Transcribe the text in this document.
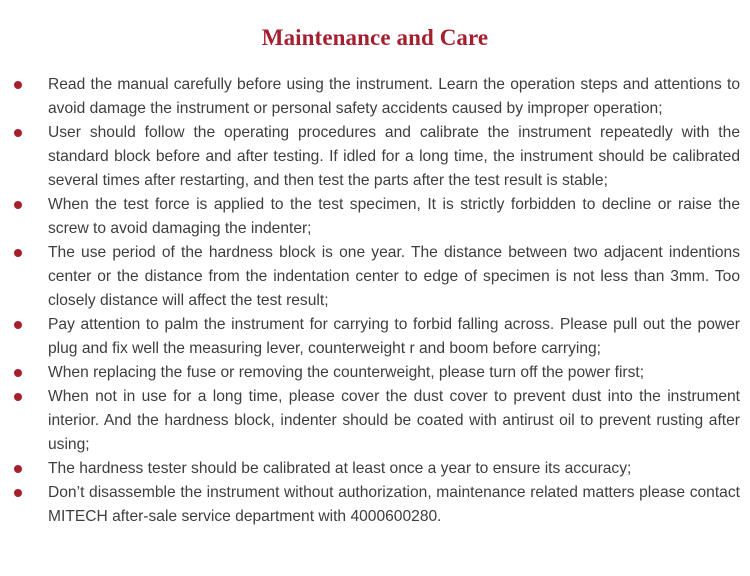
Maintenance and Care
Read the manual carefully before using the instrument. Learn the operation steps and attentions to avoid damage the instrument or personal safety accidents caused by improper operation;
User should follow the operating procedures and calibrate the instrument repeatedly with the standard block before and after testing. If idled for a long time, the instrument should be calibrated several times after restarting, and then test the parts after the test result is stable;
When the test force is applied to the test specimen, It is strictly forbidden to decline or raise the screw to avoid damaging the indenter;
The use period of the hardness block is one year. The distance between two adjacent indentions center or the distance from the indentation center to edge of specimen is not less than 3mm. Too closely distance will affect the test result;
Pay attention to palm the instrument for carrying to forbid falling across. Please pull out the power plug and fix well the measuring lever, counterweight r and boom before carrying;
When replacing the fuse or removing the counterweight, please turn off the power first;
When not in use for a long time, please cover the dust cover to prevent dust into the instrument interior. And the hardness block, indenter should be coated with antirust oil to prevent rusting after using;
The hardness tester should be calibrated at least once a year to ensure its accuracy;
Don’t disassemble the instrument without authorization, maintenance related matters please contact MITECH after-sale service department with 4000600280.
